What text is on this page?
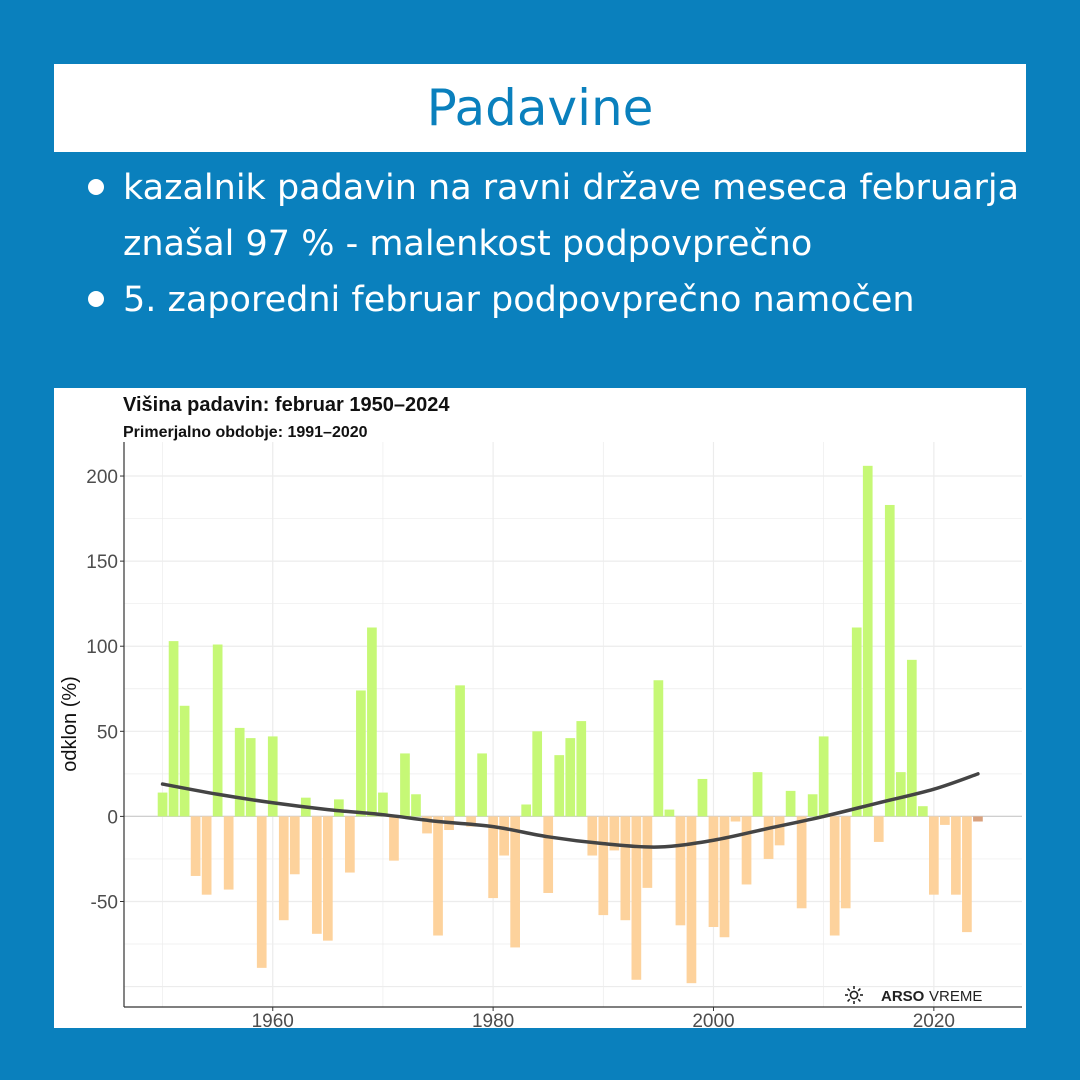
Padavine
kazalnik padavin na ravni države meseca februarja znašal 97 % - malenkost podpovprečno
5. zaporedni februar podpovprečno namočen
Višina padavin: februar 1950–2024
Primerjalno obdobje: 1991–2020
-50
0
50
100
150
200
1960	1980	2000	2020
odklon (%)
ARSO VREME
